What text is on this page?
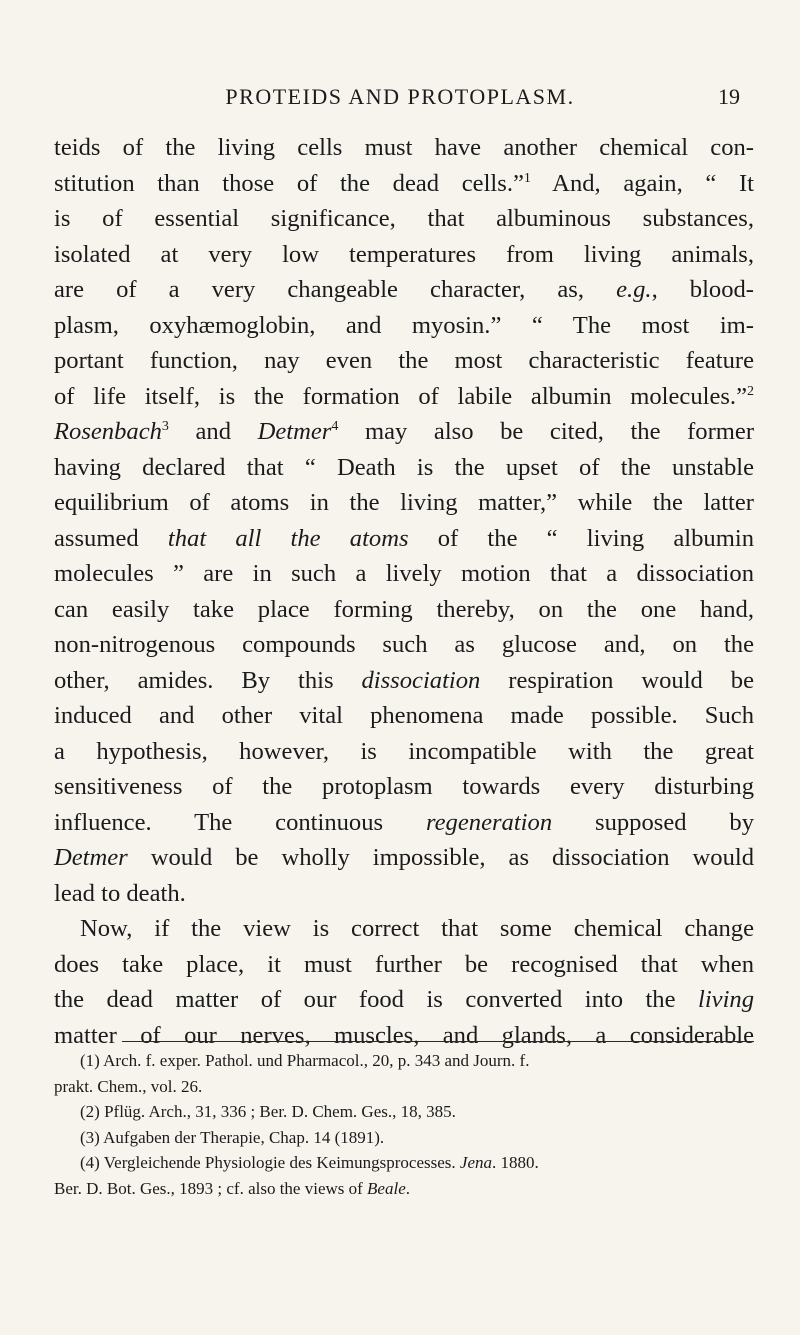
PROTEIDS AND PROTOPLASM.	19
teids of the living cells must have another chemical con-
stitution than those of the dead cells.”$^1$ And, again, “ It
is of essential significance, that albuminous substances,
isolated at very low temperatures from living animals,
are of a very changeable character, as, e.g., blood-
plasm, oxyhæmoglobin, and myosin.” “ The most im-
portant function, nay even the most characteristic feature
of life itself, is the formation of labile albumin molecules.”$^2$
Rosenbach$^3$ and Detmer$^4$ may also be cited, the former
having declared that “ Death is the upset of the unstable
equilibrium of atoms in the living matter,” while the latter
assumed that all the atoms of the “ living albumin
molecules ” are in such a lively motion that a dissociation
can easily take place forming thereby, on the one hand,
non-nitrogenous compounds such as glucose and, on the
other, amides. By this dissociation respiration would be
induced and other vital phenomena made possible. Such
a hypothesis, however, is incompatible with the great
sensitiveness of the protoplasm towards every disturbing
influence. The continuous regeneration supposed by
Detmer would be wholly impossible, as dissociation would
lead to death.
Now, if the view is correct that some chemical change
does take place, it must further be recognised that when
the dead matter of our food is converted into the living
matter of our nerves, muscles, and glands, a considerable
(1) Arch. f. exper. Pathol. und Pharmacol., 20, p. 343 and Journ. f.
prakt. Chem., vol. 26.
(2) Pflüg. Arch., 31, 336 ; Ber. D. Chem. Ges., 18, 385.
(3) Aufgaben der Therapie, Chap. 14 (1891).
(4) Vergleichende Physiologie des Keimungsprocesses. Jena. 1880.
Ber. D. Bot. Ges., 1893 ; cf. also the views of Beale.
